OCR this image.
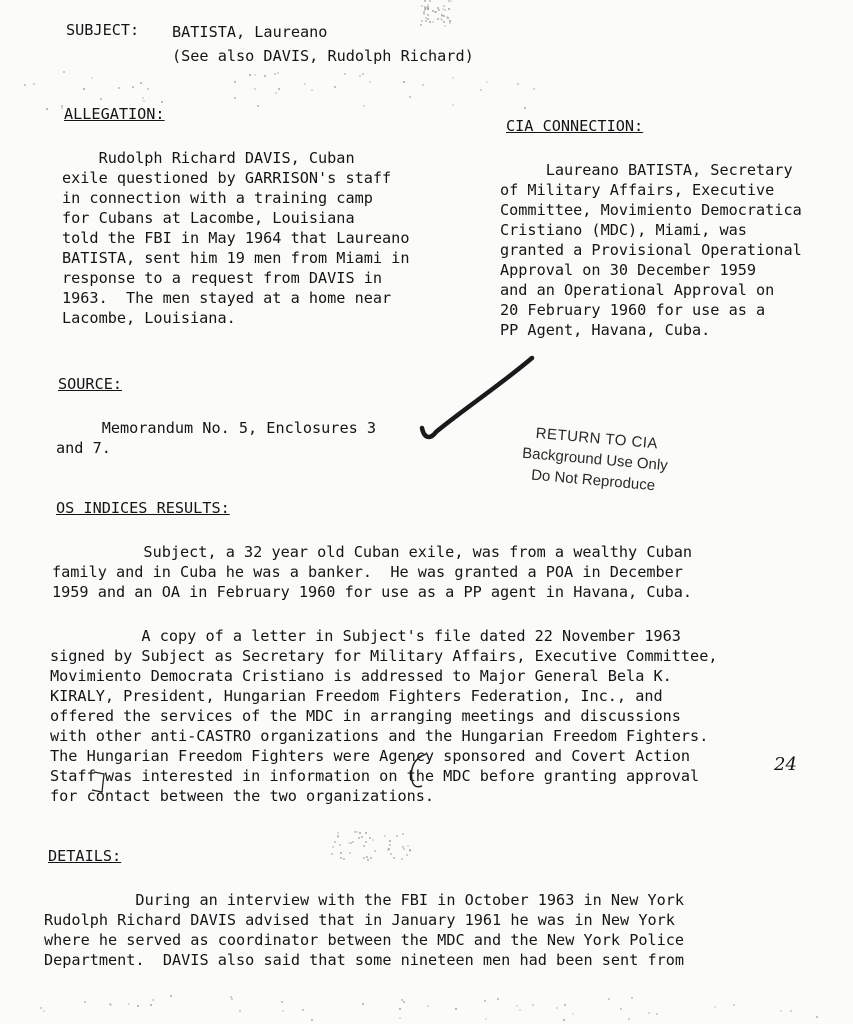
SUBJECT: BATISTA, Laureano
(See also DAVIS, Rudolph Richard)
ALLEGATION:
Rudolph Richard DAVIS, Cuban
exile questioned by GARRISON's staff
in connection with a training camp
for Cubans at Lacombe, Louisiana
told the FBI in May 1964 that Laureano
BATISTA, sent him 19 men from Miami in
response to a request from DAVIS in
1963.  The men stayed at a home near
Lacombe, Louisiana.
CIA CONNECTION:
Laureano BATISTA, Secretary
of Military Affairs, Executive
Committee, Movimiento Democratica
Cristiano (MDC), Miami, was
granted a Provisional Operational
Approval on 30 December 1959
and an Operational Approval on
20 February 1960 for use as a
PP Agent, Havana, Cuba.
SOURCE:
Memorandum No. 5, Enclosures 3
and 7.	RETURN TO CIA
Background Use Only
Do Not Reproduce
OS INDICES RESULTS:
Subject, a 32 year old Cuban exile, was from a wealthy Cuban
family and in Cuba he was a banker.  He was granted a POA in December
1959 and an OA in February 1960 for use as a PP agent in Havana, Cuba.
A copy of a letter in Subject's file dated 22 November 1963
signed by Subject as Secretary for Military Affairs, Executive Committee,
Movimiento Democrata Cristiano is addressed to Major General Bela K.
KIRALY, President, Hungarian Freedom Fighters Federation, Inc., and
offered the services of the MDC in arranging meetings and discussions
with other anti-CASTRO organizations and the Hungarian Freedom Fighters.
The Hungarian Freedom Fighters were Agency sponsored and Covert Action
Staff was interested in information on the MDC before granting approval
for contact between the two organizations.
24
DETAILS:
During an interview with the FBI in October 1963 in New York
Rudolph Richard DAVIS advised that in January 1961 he was in New York
where he served as coordinator between the MDC and the New York Police
Department.  DAVIS also said that some nineteen men had been sent from
